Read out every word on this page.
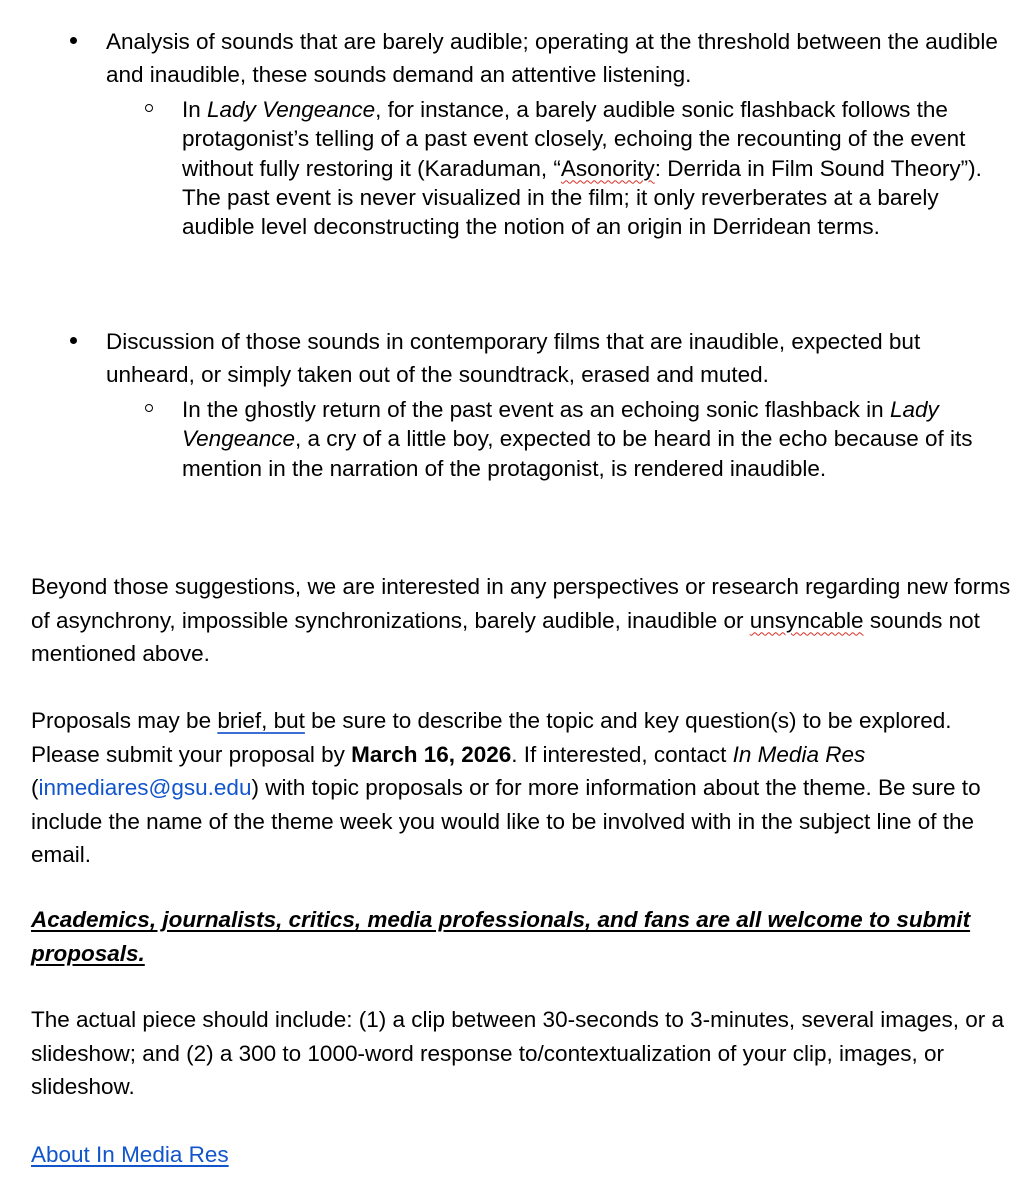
Analysis of sounds that are barely audible; operating at the threshold between the audible and inaudible, these sounds demand an attentive listening.
In Lady Vengeance, for instance, a barely audible sonic flashback follows the protagonist’s telling of a past event closely, echoing the recounting of the event without fully restoring it (Karaduman, “Asonority: Derrida in Film Sound Theory”). The past event is never visualized in the film; it only reverberates at a barely audible level deconstructing the notion of an origin in Derridean terms.
Discussion of those sounds in contemporary films that are inaudible, expected but unheard, or simply taken out of the soundtrack, erased and muted.
In the ghostly return of the past event as an echoing sonic flashback in Lady Vengeance, a cry of a little boy, expected to be heard in the echo because of its mention in the narration of the protagonist, is rendered inaudible.
Beyond those suggestions, we are interested in any perspectives or research regarding new forms of asynchrony, impossible synchronizations, barely audible, inaudible or unsyncable sounds not mentioned above.
Proposals may be brief, but be sure to describe the topic and key question(s) to be explored. Please submit your proposal by March 16, 2026. If interested, contact In Media Res (inmediares@gsu.edu) with topic proposals or for more information about the theme. Be sure to include the name of the theme week you would like to be involved with in the subject line of the email.
Academics, journalists, critics, media professionals, and fans are all welcome to submit proposals.
The actual piece should include: (1) a clip between 30-seconds to 3-minutes, several images, or a slideshow; and (2) a 300 to 1000-word response to/contextualization of your clip, images, or slideshow.
About In Media Res
